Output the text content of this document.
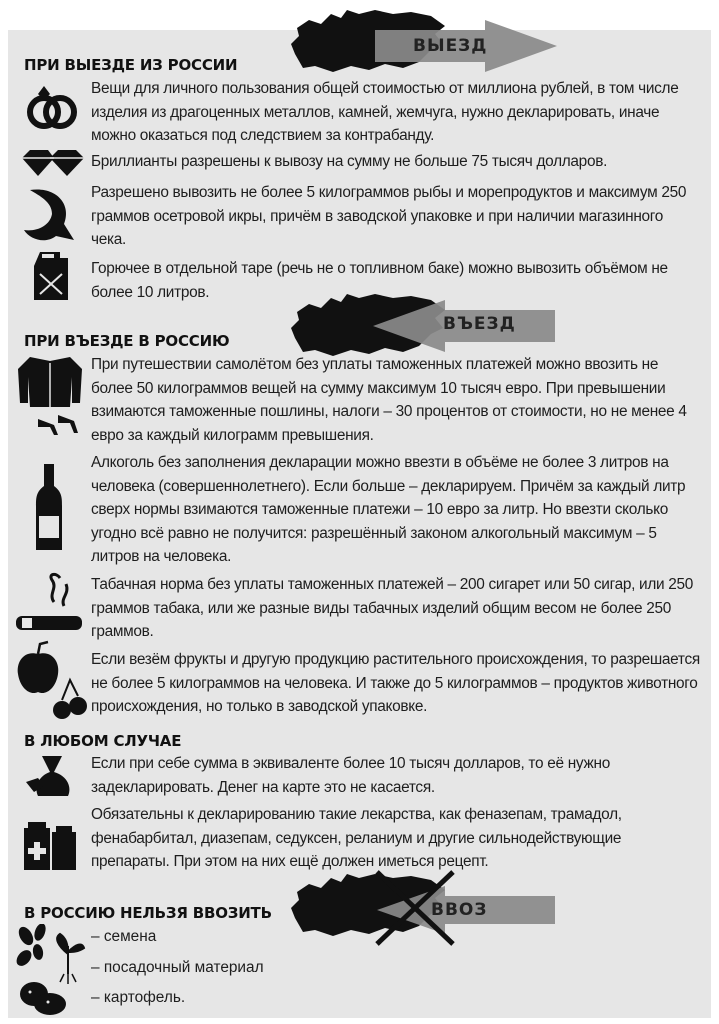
ВЫЕЗД
ПРИ ВЫЕЗДЕ ИЗ РОССИИ
Вещи для личного пользования общей стоимостью от миллиона рублей, в том числе изделия из драгоценных металлов, камней, жемчуга, нужно декларировать, иначе можно оказаться под следствием за контрабанду.
Бриллианты разрешены к вывозу на сумму не больше 75 тысяч долларов.
Разрешено вывозить не более 5 килограммов рыбы и морепродуктов и максимум 250 граммов осетровой икры, причём в заводской упаковке и при наличии магазинного чека.
Горючее в отдельной таре (речь не о топливном баке) можно вывозить объёмом не более 10 литров.
ВЪЕЗД
ПРИ ВЪЕЗДЕ В РОССИЮ
При путешествии самолётом без уплаты таможенных платежей можно ввозить не более 50 килограммов вещей на сумму максимум 10 тысяч евро. При превышении взимаются таможенные пошлины, налоги – 30 процентов от стоимости, но не менее 4 евро за каждый килограмм превышения.
Алкоголь без заполнения декларации можно ввезти в объёме не более 3 литров на человека (совершеннолетнего). Если больше – декларируем. Причём за каждый литр сверх нормы взимаются таможенные платежи – 10 евро за литр. Но ввезти сколько угодно всё равно не получится: разрешённый законом алкогольный максимум – 5 литров на человека.
Табачная норма без уплаты таможенных платежей – 200 сигарет или 50 сигар, или 250 граммов табака, или же разные виды табачных изделий общим весом не более 250 граммов.
Если везём фрукты и другую продукцию растительного происхождения, то разрешается не более 5 килограммов на человека. И также до 5 килограммов – продуктов животного происхождения, но только в заводской упаковке.
В ЛЮБОМ СЛУЧАЕ
Если при себе сумма в эквиваленте более 10 тысяч долларов, то её нужно задекларировать. Денег на карте это не касается.
Обязательны к декларированию такие лекарства, как феназепам, трамадол, фенабарбитал, диазепам, седуксен, реланиум и другие сильнодействующие препараты. При этом на них ещё должен иметься рецепт.
ВВОЗ
В РОССИЮ НЕЛЬЗЯ ВВОЗИТЬ
– семена
– посадочный материал
– картофель.
